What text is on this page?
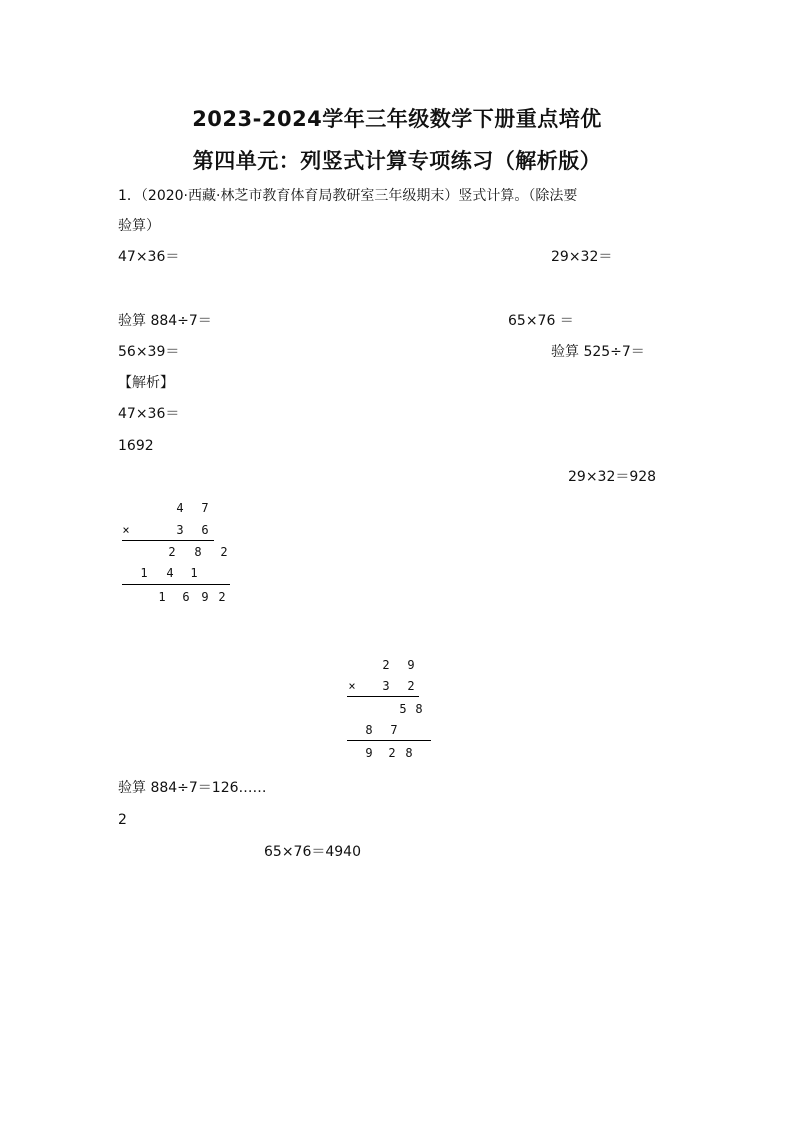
2023-2024学年三年级数学下册重点培优
第四单元：列竖式计算专项练习（解析版）
1．（2020·西藏·林芝市教育体育局教研室三年级期末）竖式计算。（除法要
验算）
47×36＝	29×32＝
验算 884÷7＝	65×76 ＝
56×39＝	验算 525÷7＝
【解析】
47×36＝
1692
29×32＝928
4	7
×	3	6
2	8	2
1	4	1
1	6 9 2
2	9
×	3	2
5 8
8	7
9	2 8
验算 884÷7＝126……
2
65×76＝4940
